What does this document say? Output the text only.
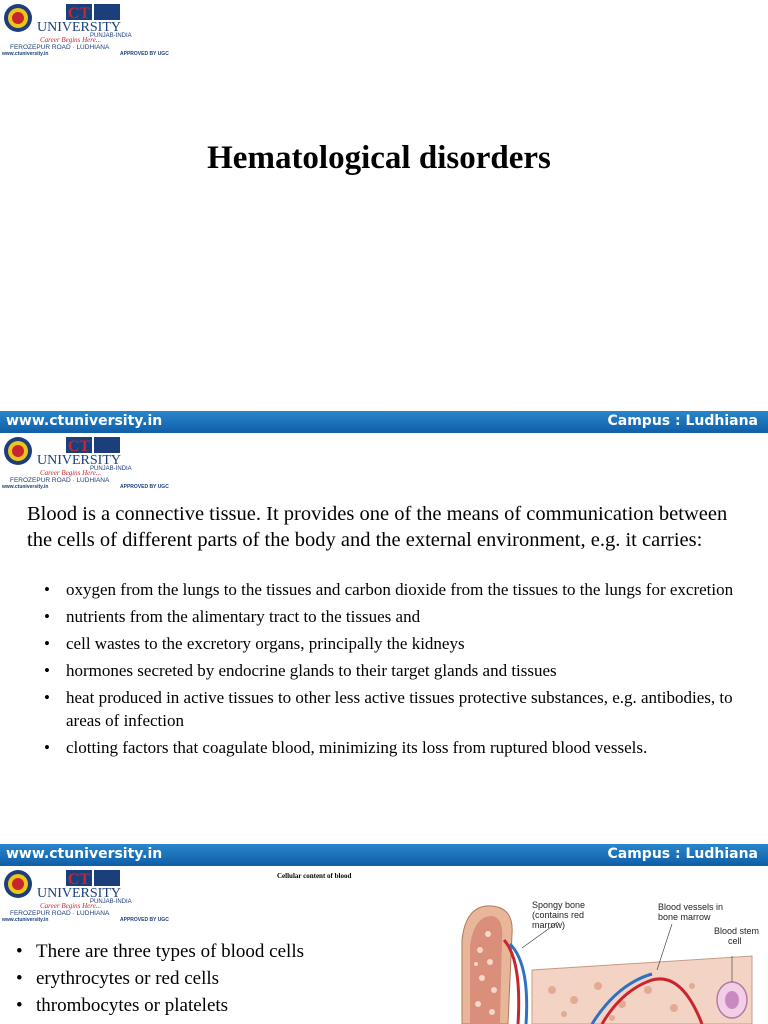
CT
UNIVERSITY
PUNJAB-INDIA
Career Begins Here...
FEROZEPUR ROAD · LUDHIANA
www.ctuniversity.in	APPROVED BY UGC
Hematological disorders
www.ctuniversity.in	Campus : Ludhiana
CT
UNIVERSITY
PUNJAB-INDIA
Career Begins Here...
FEROZEPUR ROAD · LUDHIANA
www.ctuniversity.in	APPROVED BY UGC

Blood is a connective tissue. It provides one of the means of communication between the cells of different parts of the body and the external environment, e.g. it carries:

• oxygen from the lungs to the tissues and carbon dioxide from the tissues to the lungs for excretion
• nutrients from the alimentary tract to the tissues and
• cell wastes to the excretory organs, principally the kidneys
• hormones secreted by endocrine glands to their target glands and tissues
• heat produced in active tissues to other less active tissues protective substances, e.g. antibodies, to areas of infection
• clotting factors that coagulate blood, minimizing its loss from ruptured blood vessels.
www.ctuniversity.in	Campus : Ludhiana
CT
UNIVERSITY
PUNJAB-INDIA
Career Begins Here...
FEROZEPUR ROAD · LUDHIANA
www.ctuniversity.in	APPROVED BY UGC
Cellular content of blood
• There are three types of blood cells
• erythrocytes or red cells
• thrombocytes or platelets
Spongy bone
(contains red
marrow)
Blood vessels in
bone marrow
Blood stem
cell
